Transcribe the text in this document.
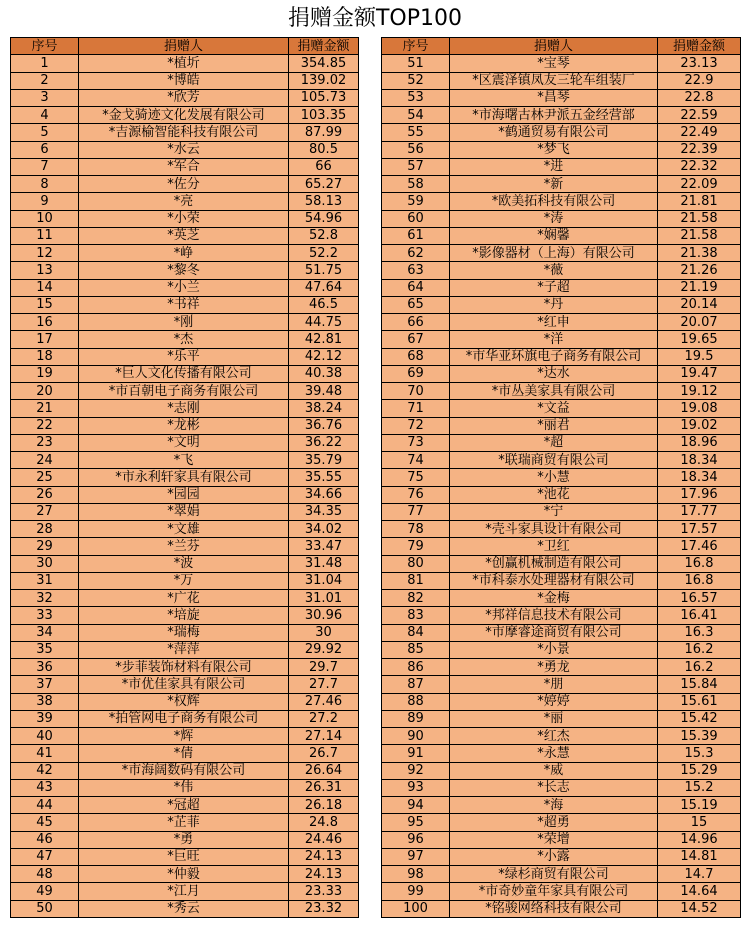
捐赠金额TOP100
序号	捐赠人	捐赠金额
1	*植圻	354.85
2	*博皓	139.02
3	*欣芳	105.73
4	*金戈骑迹文化发展有限公司	103.35
5	*吉源榆智能科技有限公司	87.99
6	*水云	80.5
7	*军合	66
8	*佐分	65.27
9	*亮	58.13
10	*小荣	54.96
11	*英芝	52.8
12	*峥	52.2
13	*黎冬	51.75
14	*小兰	47.64
15	*书祥	46.5
16	*刚	44.75
17	*杰	42.81
18	*乐平	42.12
19	*巨人文化传播有限公司	40.38
20	*市百朝电子商务有限公司	39.48
21	*志刚	38.24
22	*龙彬	36.76
23	*文明	36.22
24	*飞	35.79
25	*市永利轩家具有限公司	35.55
26	*园园	34.66
27	*翠娟	34.35
28	*文雄	34.02
29	*兰芬	33.47
30	*波	31.48
31	*万	31.04
32	*广花	31.01
33	*培旋	30.96
34	*瑞梅	30
35	*萍萍	29.92
36	*步菲装饰材料有限公司	29.7
37	*市优佳家具有限公司	27.7
38	*权辉	27.46
39	*拍管网电子商务有限公司	27.2
40	*辉	27.14
41	*倩	26.7
42	*市海阔数码有限公司	26.64
43	*伟	26.31
44	*冠超	26.18
45	*芷菲	24.8
46	*勇	24.46
47	*巨旺	24.13
48	*仲毅	24.13
49	*江月	23.33
50	*秀云	23.32
序号	捐赠人	捐赠金额
51	*宝琴	23.13
52	*区震泽镇凤友三轮车组装厂	22.9
53	*昌琴	22.8
54	*市海曙古林尹派五金经营部	22.59
55	*鹤通贸易有限公司	22.49
56	*梦飞	22.39
57	*进	22.32
58	*新	22.09
59	*欧美拓科技有限公司	21.81
60	*涛	21.58
61	*娴馨	21.58
62	*影像器材（上海）有限公司	21.38
63	*薇	21.26
64	*子超	21.19
65	*丹	20.14
66	*红申	20.07
67	*洋	19.65
68	*市华亚环旗电子商务有限公司	19.5
69	*达水	19.47
70	*市丛美家具有限公司	19.12
71	*文益	19.08
72	*丽君	19.02
73	*超	18.96
74	*联瑞商贸有限公司	18.34
75	*小慧	18.34
76	*池花	17.96
77	*宁	17.77
78	*壳斗家具设计有限公司	17.57
79	*卫红	17.46
80	*创赢机械制造有限公司	16.8
81	*市科泰水处理器材有限公司	16.8
82	*金梅	16.57
83	*邦祥信息技术有限公司	16.41
84	*市摩睿途商贸有限公司	16.3
85	*小景	16.2
86	*勇龙	16.2
87	*朋	15.84
88	*婷婷	15.61
89	*丽	15.42
90	*红杰	15.39
91	*永慧	15.3
92	*威	15.29
93	*长志	15.2
94	*海	15.19
95	*超勇	15
96	*荣增	14.96
97	*小露	14.81
98	*绿杉商贸有限公司	14.7
99	*市奇妙童年家具有限公司	14.64
100	*铭骏网络科技有限公司	14.52
